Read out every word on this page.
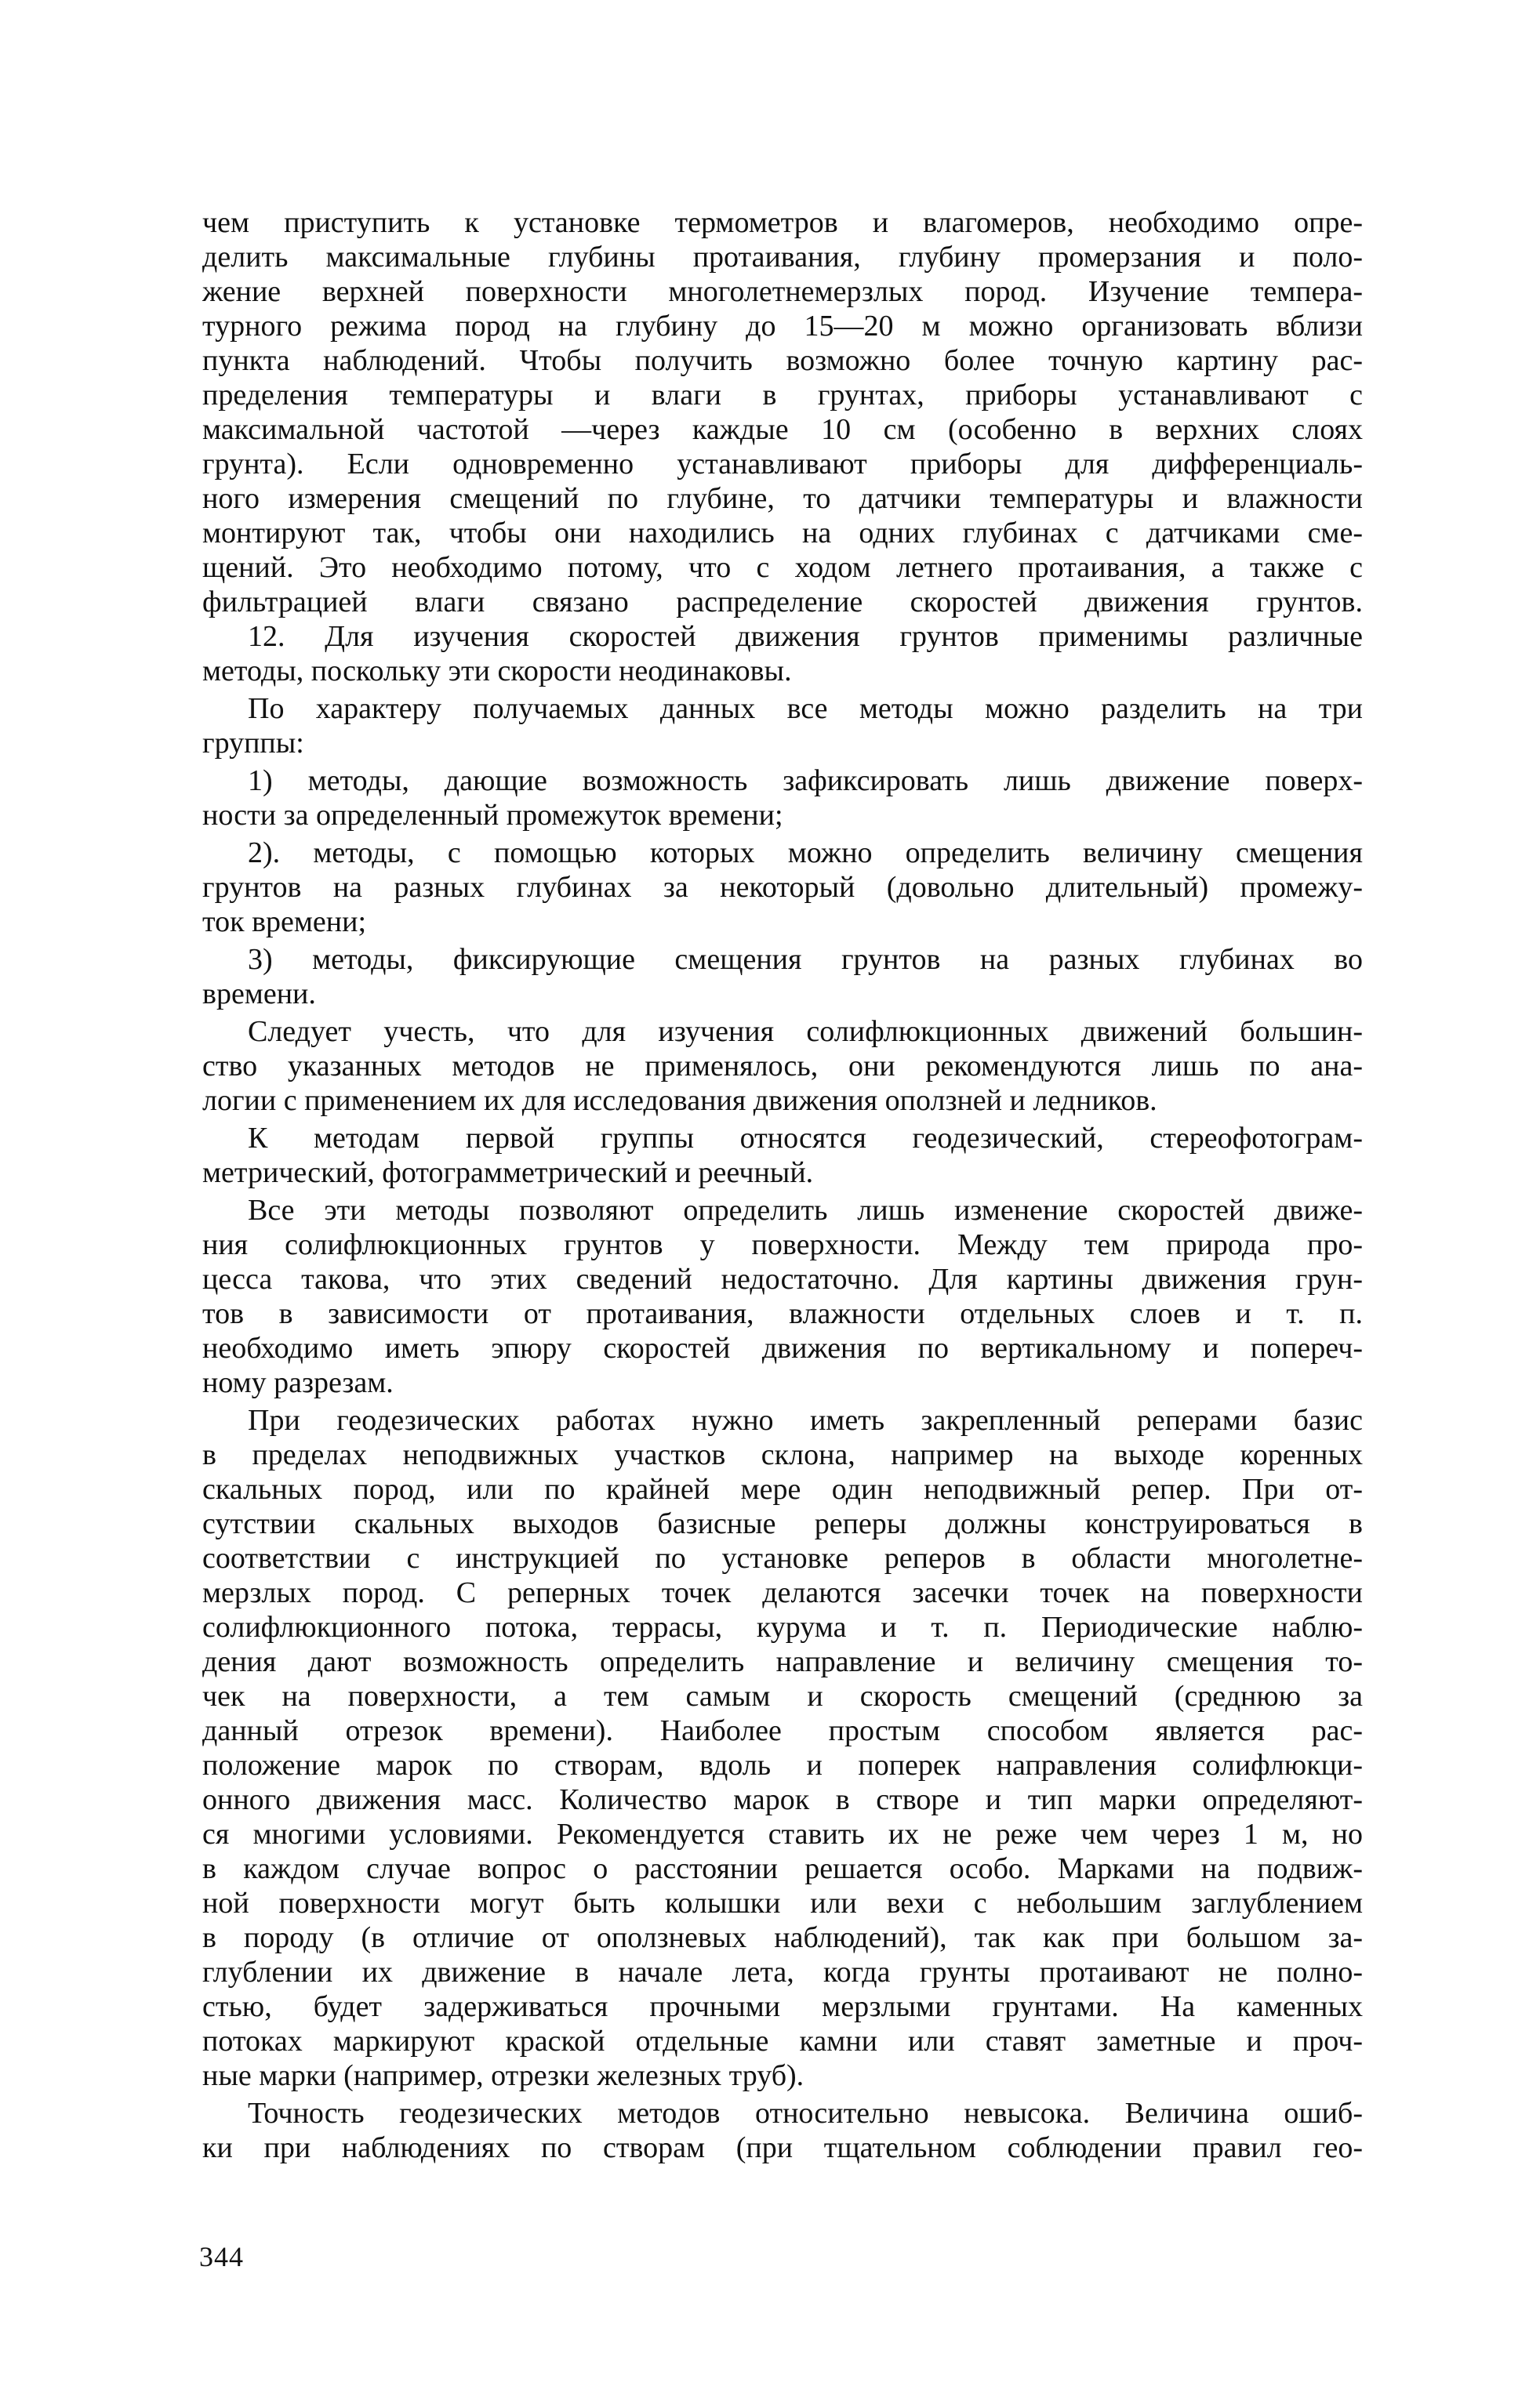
чем приступить к установке термометров и влагомеров, необходимо опре-
делить максимальные глубины протаивания, глубину промерзания и поло-
жение верхней поверхности многолетнемерзлых пород. Изучение темпера-
турного режима пород на глубину до 15—20 м можно организовать вблизи
пункта наблюдений. Чтобы получить возможно более точную картину рас-
пределения температуры и влаги в грунтах, приборы устанавливают с
максимальной частотой —через каждые 10 см (особенно в верхних слоях
грунта). Если одновременно устанавливают приборы для дифференциаль-
ного измерения смещений по глубине, то датчики температуры и влажности
монтируют так, чтобы они находились на одних глубинах с датчиками сме-
щений. Это необходимо потому, что с ходом летнего протаивания, а также с
фильтрацией влаги связано распределение скоростей движения грунтов.
12. Для изучения скоростей движения грунтов применимы различные
методы, поскольку эти скорости неодинаковы.
По характеру получаемых данных все методы можно разделить на три
группы:
1) методы, дающие возможность зафиксировать лишь движение поверх-
ности за определенный промежуток времени;
2). методы, с помощью которых можно определить величину смещения
грунтов на разных глубинах за некоторый (довольно длительный) промежу-
ток времени;
3) методы, фиксирующие смещения грунтов на разных глубинах во
времени.
Следует учесть, что для изучения солифлюкционных движений большин-
ство указанных методов не применялось, они рекомендуются лишь по ана-
логии с применением их для исследования движения оползней и ледников.
К методам первой группы относятся геодезический, стереофотограм-
метрический, фотограмметрический и реечный.
Все эти методы позволяют определить лишь изменение скоростей движе-
ния солифлюкционных грунтов у поверхности. Между тем природа про-
цесса такова, что этих сведений недостаточно. Для картины движения грун-
тов в зависимости от протаивания, влажности отдельных слоев и т. п.
необходимо иметь эпюру скоростей движения по вертикальному и попереч-
ному разрезам.
При геодезических работах нужно иметь закрепленный реперами базис
в пределах неподвижных участков склона, например на выходе коренных
скальных пород, или по крайней мере один неподвижный репер. При от-
сутствии скальных выходов базисные реперы должны конструироваться в
соответствии с инструкцией по установке реперов в области многолетне-
мерзлых пород. С реперных точек делаются засечки точек на поверхности
солифлюкционного потока, террасы, курума и т. п. Периодические наблю-
дения дают возможность определить направление и величину смещения то-
чек на поверхности, а тем самым и скорость смещений (среднюю за
данный отрезок времени). Наиболее простым способом является рас-
положение марок по створам, вдоль и поперек направления солифлюкци-
онного движения масс. Количество марок в створе и тип марки определяют-
ся многими условиями. Рекомендуется ставить их не реже чем через 1 м, но
в каждом случае вопрос о расстоянии решается особо. Марками на подвиж-
ной поверхности могут быть колышки или вехи с небольшим заглублением
в породу (в отличие от оползневых наблюдений), так как при большом за-
глублении их движение в начале лета, когда грунты протаивают не полно-
стью, будет задерживаться прочными мерзлыми грунтами. На каменных
потоках маркируют краской отдельные камни или ставят заметные и проч-
ные марки (например, отрезки железных труб).
Точность геодезических методов относительно невысока. Величина ошиб-
ки при наблюдениях по створам (при тщательном соблюдении правил гео-
344
